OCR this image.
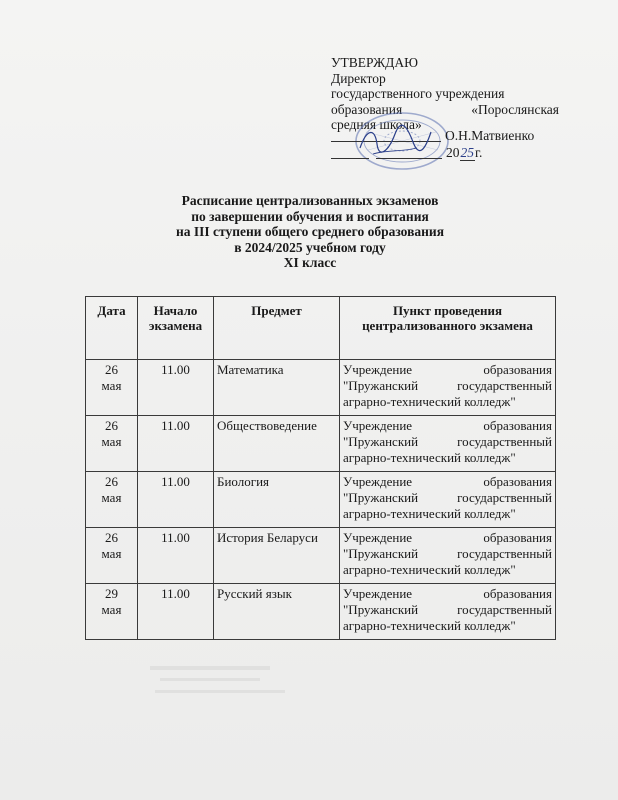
УТВЕРЖДАЮ
Директор
государственного учреждения
образования	«Порослянская
средняя школа»
О.Н.Матвиенко
2025г.
Расписание централизованных экзаменов
по завершении обучения и воспитания
на III ступени общего среднего образования
в 2024/2025 учебном году
XI класс
Дата	Начало экзамена	Предмет	Пункт проведения централизованного экзамена

26
мая	11.00	Математика	Учреждение образования "Пружанский государственный аграрно-технический колледж"

26
мая	11.00	Обществоведение	Учреждение образования "Пружанский государственный аграрно-технический колледж"

26
мая	11.00	Биология	Учреждение образования "Пружанский государственный аграрно-технический колледж"

26
мая	11.00	История Беларуси	Учреждение образования "Пружанский государственный аграрно-технический колледж"

29
мая	11.00	Русский язык	Учреждение образования "Пружанский государственный аграрно-технический колледж"
